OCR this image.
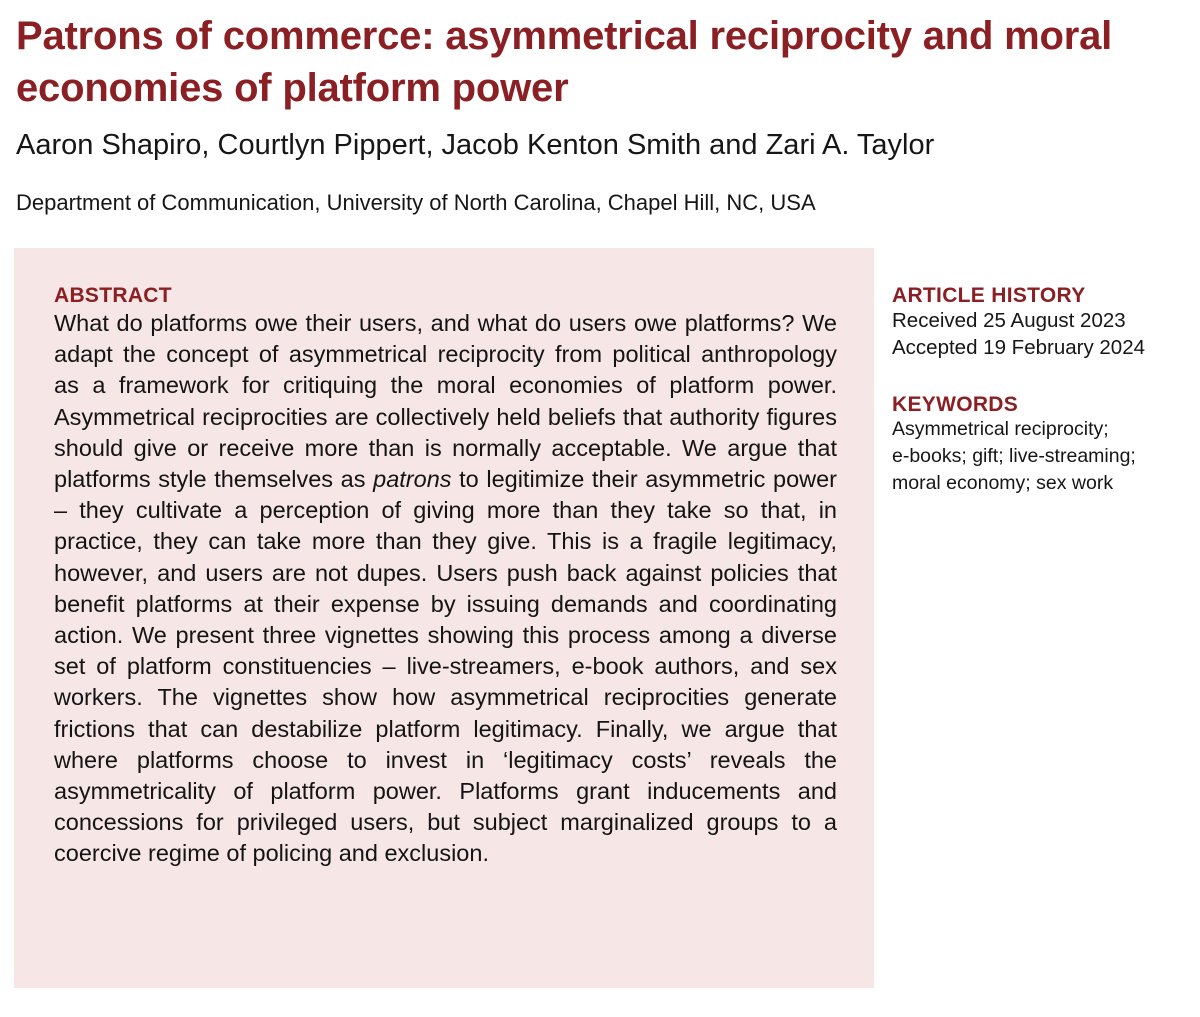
Patrons of commerce: asymmetrical reciprocity and moral economies of platform power
Aaron Shapiro, Courtlyn Pippert, Jacob Kenton Smith and Zari A. Taylor
Department of Communication, University of North Carolina, Chapel Hill, NC, USA
ABSTRACT

What do platforms owe their users, and what do users owe platforms? We adapt the concept of asymmetrical reciprocity from political anthropology as a framework for critiquing the moral economies of platform power. Asymmetrical reciprocities are collectively held beliefs that authority figures should give or receive more than is normally acceptable. We argue that platforms style themselves as patrons to legitimize their asymmetric power – they cultivate a perception of giving more than they take so that, in practice, they can take more than they give. This is a fragile legitimacy, however, and users are not dupes. Users push back against policies that benefit platforms at their expense by issuing demands and coordinating action. We present three vignettes showing this process among a diverse set of platform constituencies – live-streamers, e-book authors, and sex workers. The vignettes show how asymmetrical reciprocities generate frictions that can destabilize platform legitimacy. Finally, we argue that where platforms choose to invest in ‘legitimacy costs’ reveals the asymmetricality of platform power. Platforms grant inducements and concessions for privileged users, but subject marginalized groups to a coercive regime of policing and exclusion.

ARTICLE HISTORY
Received 25 August 2023
Accepted 19 February 2024
KEYWORDS
Asymmetrical reciprocity;
e-books; gift; live-streaming;
moral economy; sex work
